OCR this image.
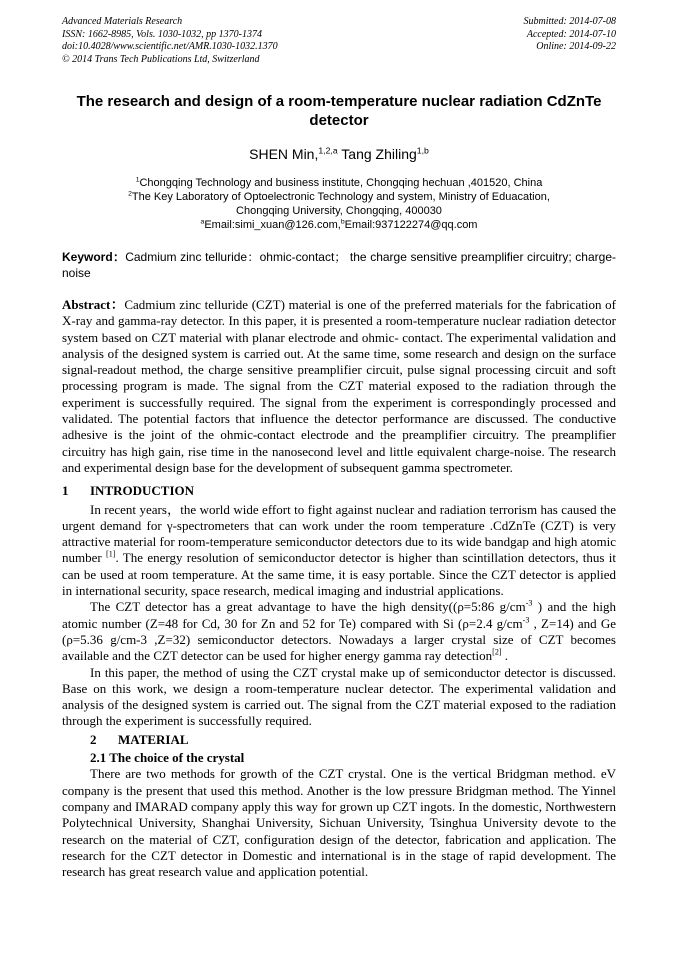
Advanced Materials Research
ISSN: 1662-8985, Vols. 1030-1032, pp 1370-1374
doi:10.4028/www.scientific.net/AMR.1030-1032.1370
© 2014 Trans Tech Publications Ltd, Switzerland
Submitted: 2014-07-08
Accepted: 2014-07-10
Online: 2014-09-22
The research and design of a room-temperature nuclear radiation CdZnTe detector
SHEN Min,$^{1,2,a}$ Tang Zhiling$^{1,b}$
$^1$Chongqing Technology and business institute, Chongqing hechuan ,401520, China
$^2$The Key Laboratory of Optoelectronic Technology and system, Ministry of Eduacation, Chongqing University, Chongqing, 400030
$^a$Email:simi_xuan@126.com,$^b$Email:937122274@qq.com

Keyword：Cadmium zinc telluride：ohmic-contact； the charge sensitive preamplifier circuitry; charge-noise

Abstract：Cadmium zinc telluride (CZT) material is one of the preferred materials for the fabrication of X-ray and gamma-ray detector. In this paper, it is presented a room-temperature nuclear radiation detector system based on CZT material with planar electrode and ohmic- contact. The experimental validation and analysis of the designed system is carried out. At the same time, some research and design on the surface signal-readout method, the charge sensitive preamplifier circuit, pulse signal processing circuit and soft processing program is made. The signal from the CZT material exposed to the radiation through the experiment is successfully required. The signal from the experiment is correspondingly processed and validated. The potential factors that influence the detector performance are discussed. The conductive adhesive is the joint of the ohmic-contact electrode and the preamplifier circuitry. The preamplifier circuitry has high gain, rise time in the nanosecond level and little equivalent charge-noise. The research and experimental design base for the development of subsequent gamma spectrometer.

1 INTRODUCTION

In recent years，the world wide effort to fight against nuclear and radiation terrorism has caused the urgent demand for γ-spectrometers that can work under the room temperature .CdZnTe (CZT) is very attractive material for room-temperature semiconductor detectors due to its wide bandgap and high atomic number [1]. The energy resolution of semiconductor detector is higher than scintillation detectors, thus it can be used at room temperature. At the same time, it is easy portable. Since the CZT detector is applied in international security, space research, medical imaging and industrial applications.

The CZT detector has a great advantage to have the high density((ρ=5:86 $g/cm^{-3}$ ) and the high atomic number (Z=48 for Cd, 30 for Zn and 52 for Te) compared with Si (ρ=2.4 $g/cm^{-3}$ , Z=14) and Ge (ρ=5.36 g/cm-3 ,Z=32) semiconductor detectors. Nowadays a larger crystal size of CZT becomes available and the CZT detector can be used for higher energy gamma ray detection[2] .

In this paper, the method of using the CZT crystal make up of semiconductor detector is discussed. Base on this work, we design a room-temperature nuclear detector. The experimental validation and analysis of the designed system is carried out. The signal from the CZT material exposed to the radiation through the experiment is successfully required.

2 MATERIAL
2.1 The choice of the crystal

There are two methods for growth of the CZT crystal. One is the vertical Bridgman method. eV company is the present that used this method. Another is the low pressure Bridgman method. The Yinnel company and IMARAD company apply this way for grown up CZT ingots. In the domestic, Northwestern Polytechnical University, Shanghai University, Sichuan University, Tsinghua University devote to the research on the material of CZT, configuration design of the detector, fabrication and application. The research for the CZT detector in Domestic and international is in the stage of rapid development. The research has great research value and application potential.
